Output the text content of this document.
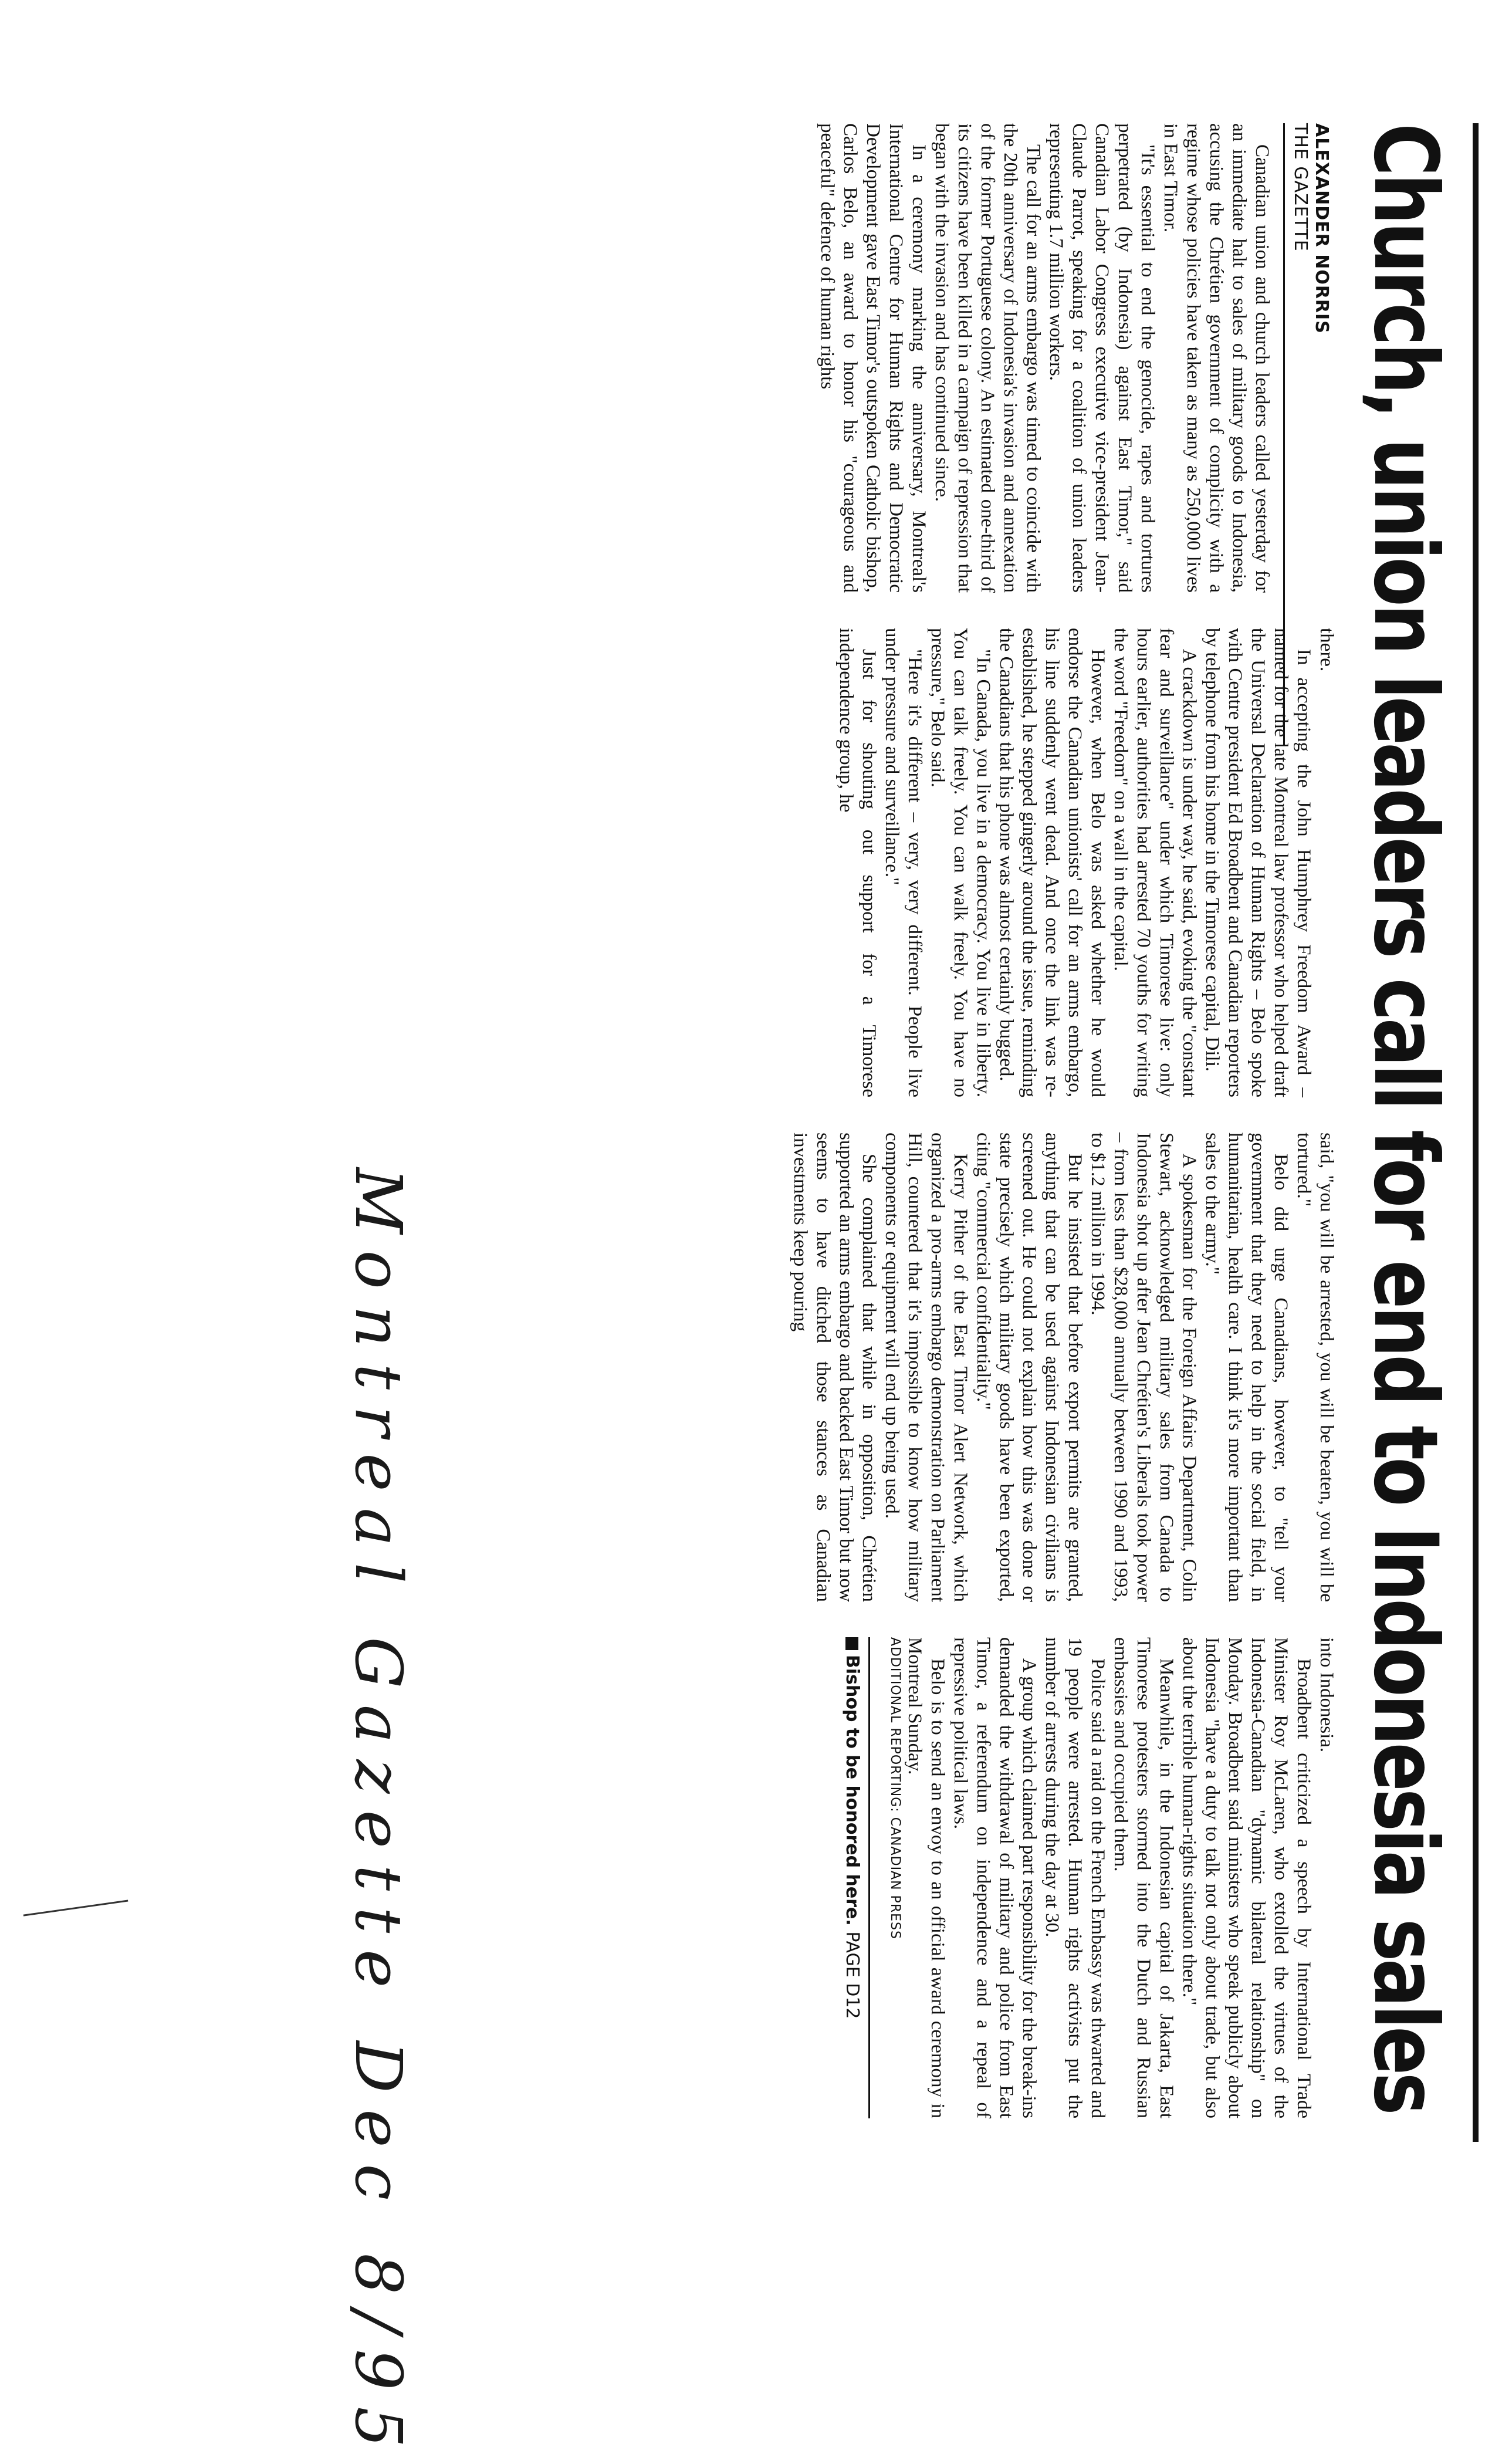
Church, union leaders call for end to Indonesia sales
ALEXANDER NORRIS
THE GAZETTE

Canadian union and church leaders called yesterday for an immediate halt to sales of military goods to Indonesia, accusing the Chrétien government of complicity with a regime whose policies have taken as many as 250,000 lives in East Timor.

"It's essential to end the genocide, rapes and tortures perpetrated (by Indonesia) against East Timor," said Canadian Labor Congress executive vice-president Jean-Claude Parrot, speaking for a coalition of union leaders representing 1.7 million workers.

The call for an arms embargo was timed to coincide with the 20th anniversary of Indonesia's invasion and annexation of the former Portuguese colony. An estimated one-third of its citizens have been killed in a campaign of repression that began with the invasion and has continued since.

In a ceremony marking the anniversary, Montreal's International Centre for Human Rights and Democratic Development gave East Timor's outspoken Catholic bishop, Carlos Belo, an award to honor his "courageous and peaceful" defence of human rights

there.

In accepting the John Humphrey Freedom Award – named for the late Montreal law professor who helped draft the Universal Declaration of Human Rights – Belo spoke with Centre president Ed Broadbent and Canadian reporters by telephone from his home in the Timorese capital, Dili.

A crackdown is under way, he said, evoking the "constant fear and surveillance" under which Timorese live: only hours earlier, authorities had arrested 70 youths for writing the word "Freedom" on a wall in the capital.

However, when Belo was asked whether he would endorse the Canadian unionists' call for an arms embargo, his line suddenly went dead. And once the link was re-established, he stepped gingerly around the issue, reminding the Canadians that his phone was almost certainly bugged.

"In Canada, you live in a democracy. You live in liberty. You can talk freely. You can walk freely. You have no pressure," Belo said.

"Here it's different – very, very different. People live under pressure and surveillance."

Just for shouting out support for a Timorese independence group, he

said, "you will be arrested, you will be beaten, you will be tortured."

Belo did urge Canadians, however, to "tell your government that they need to help in the social field, in humanitarian, health care. I think it's more important than sales to the army."

A spokesman for the Foreign Affairs Department, Colin Stewart, acknowledged military sales from Canada to Indonesia shot up after Jean Chrétien's Liberals took power – from less than $28,000 annually between 1990 and 1993, to $1.2 million in 1994.

But he insisted that before export permits are granted, anything that can be used against Indonesian civilians is screened out. He could not explain how this was done or state precisely which military goods have been exported, citing "commercial confidentiality."

Kerry Pither of the East Timor Alert Network, which organized a pro-arms embargo demonstration on Parliament Hill, countered that it's impossible to know how military components or equipment will end up being used.

She complained that while in opposition, Chrétien supported an arms embargo and backed East Timor but now seems to have ditched those stances as Canadian investments keep pouring

into Indonesia.

Broadbent criticized a speech by International Trade Minister Roy McLaren, who extolled the virtues of the Indonesia-Canadian "dynamic bilateral relationship" on Monday. Broadbent said ministers who speak publicly about Indonesia "have a duty to talk not only about trade, but also about the terrible human-rights situation there."

Meanwhile, in the Indonesian capital of Jakarta, East Timorese protesters stormed into the Dutch and Russian embassies and occupied them.

Police said a raid on the French Embassy was thwarted and 19 people were arrested. Human rights activists put the number of arrests during the day at 30.

A group which claimed part responsibility for the break-ins demanded the withdrawal of military and police from East Timor, a referendum on independence and a repeal of repressive political laws.

Belo is to send an envoy to an official award ceremony in Montreal Sunday.

ADDITIONAL REPORTING: CANADIAN PRESS

Bishop to be honored here. PAGE D12
Montreal Gazette Dec 8/95
